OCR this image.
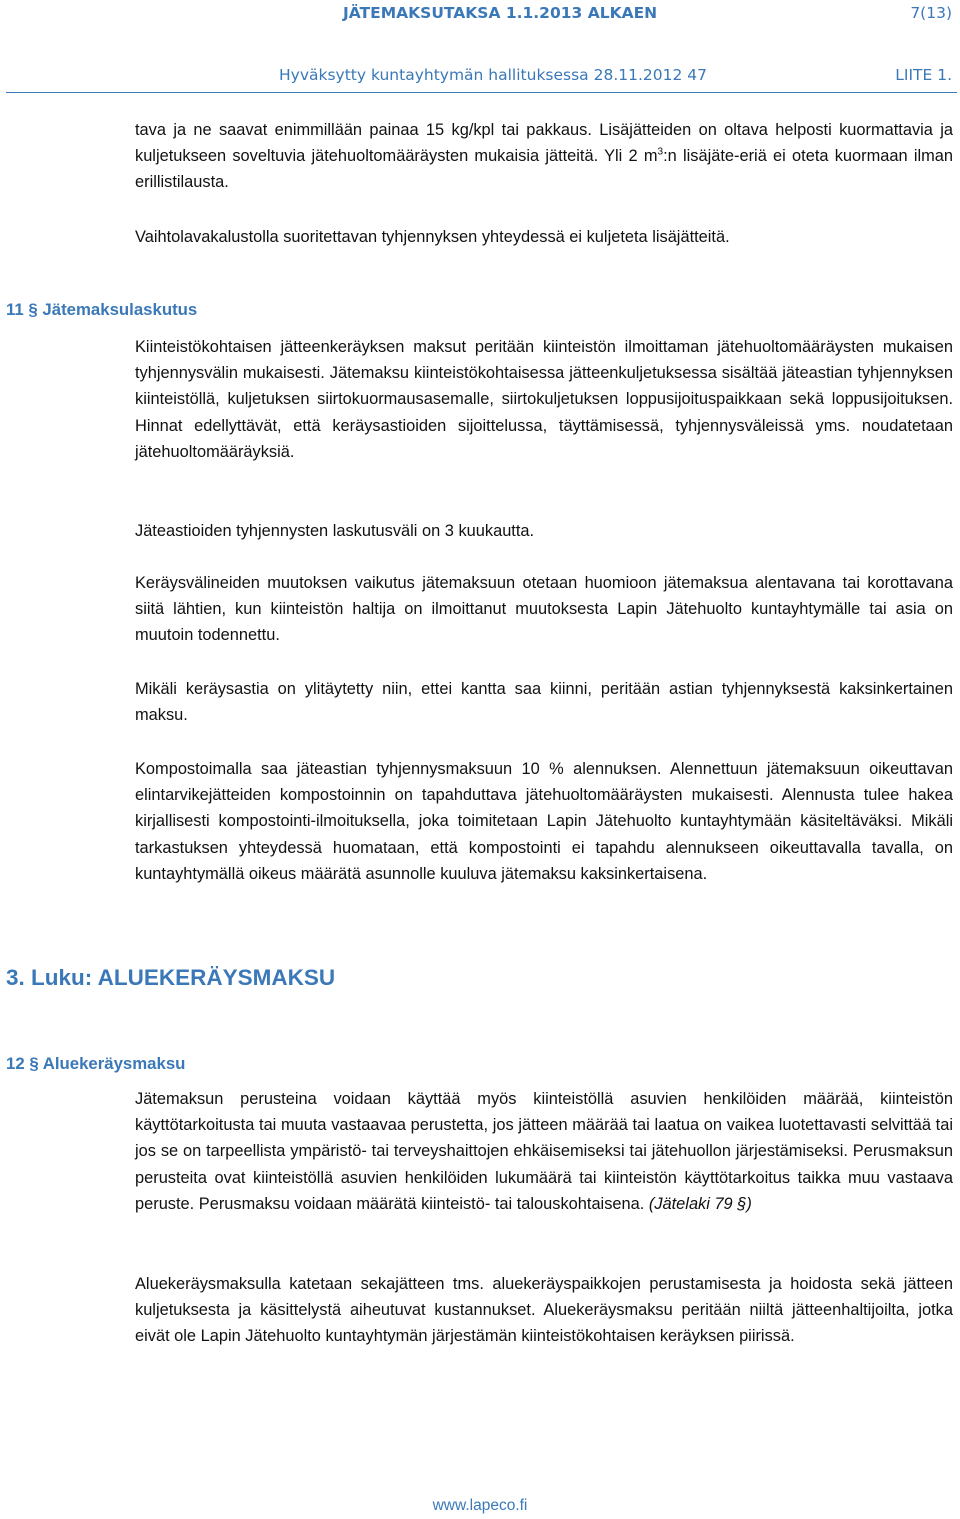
JÄTEMAKSUTAKSA 1.1.2013 ALKAEN	7(13)
Hyväksytty kuntayhtymän hallituksessa 28.11.2012 47	LIITE 1.

tava ja ne saavat enimmillään painaa 15 kg/kpl tai pakkaus. Lisäjätteiden on oltava helposti kuormattavia ja kuljetukseen soveltuvia jätehuoltomääräysten mukaisia jätteitä. Yli 2 $m^3:n$ lisäjäte-eriä ei oteta kuormaan ilman erillistilausta.

Vaihtolavakalustolla suoritettavan tyhjennyksen yhteydessä ei kuljeteta lisäjätteitä.

11 § Jätemaksulaskutus

Kiinteistökohtaisen jätteenkeräyksen maksut peritään kiinteistön ilmoittaman jätehuoltomääräysten mukaisen tyhjennysvälin mukaisesti. Jätemaksu kiinteistökohtaisessa jätteenkuljetuksessa sisältää jäteastian tyhjennyksen kiinteistöllä, kuljetuksen siirtokuormausasemalle, siirtokuljetuksen loppusijoituspaikkaan sekä loppusijoituksen. Hinnat edellyttävät, että keräysastioiden sijoittelussa, täyttämisessä, tyhjennysväleissä yms. noudatetaan jätehuoltomääräyksiä.

Jäteastioiden tyhjennysten laskutusväli on 3 kuukautta.

Keräysvälineiden muutoksen vaikutus jätemaksuun otetaan huomioon jätemaksua alentavana tai korottavana siitä lähtien, kun kiinteistön haltija on ilmoittanut muutoksesta Lapin Jätehuolto kuntayhtymälle tai asia on muutoin todennettu.

Mikäli keräysastia on ylitäytetty niin, ettei kantta saa kiinni, peritään astian tyhjennyksestä kaksinkertainen maksu.

Kompostoimalla saa jäteastian tyhjennysmaksuun 10 % alennuksen. Alennettuun jätemaksuun oikeuttavan elintarvikejätteiden kompostoinnin on tapahduttava jätehuoltomääräysten mukaisesti. Alennusta tulee hakea kirjallisesti kompostointi-ilmoituksella, joka toimitetaan Lapin Jätehuolto kuntayhtymään käsiteltäväksi. Mikäli tarkastuksen yhteydessä huomataan, että kompostointi ei tapahdu alennukseen oikeuttavalla tavalla, on kuntayhtymällä oikeus määrätä asunnolle kuuluva jätemaksu kaksinkertaisena.

3. Luku: ALUEKERÄYSMAKSU
12 § Aluekeräysmaksu

Jätemaksun perusteina voidaan käyttää myös kiinteistöllä asuvien henkilöiden määrää, kiinteistön käyttötarkoitusta tai muuta vastaavaa perustetta, jos jätteen määrää tai laatua on vaikea luotettavasti selvittää tai jos se on tarpeellista ympäristö- tai terveyshaittojen ehkäisemiseksi tai jätehuollon järjestämiseksi. Perusmaksun perusteita ovat kiinteistöllä asuvien henkilöiden lukumäärä tai kiinteistön käyttötarkoitus taikka muu vastaava peruste. Perusmaksu voidaan määrätä kiinteistö- tai talouskohtaisena. (Jätelaki 79 §)

Aluekeräysmaksulla katetaan sekajätteen tms. aluekeräyspaikkojen perustamisesta ja hoidosta sekä jätteen kuljetuksesta ja käsittelystä aiheutuvat kustannukset. Aluekeräysmaksu peritään niiltä jätteenhaltijoilta, jotka eivät ole Lapin Jätehuolto kuntayhtymän järjestämän kiinteistökohtaisen keräyksen piirissä.

www.lapeco.fi
